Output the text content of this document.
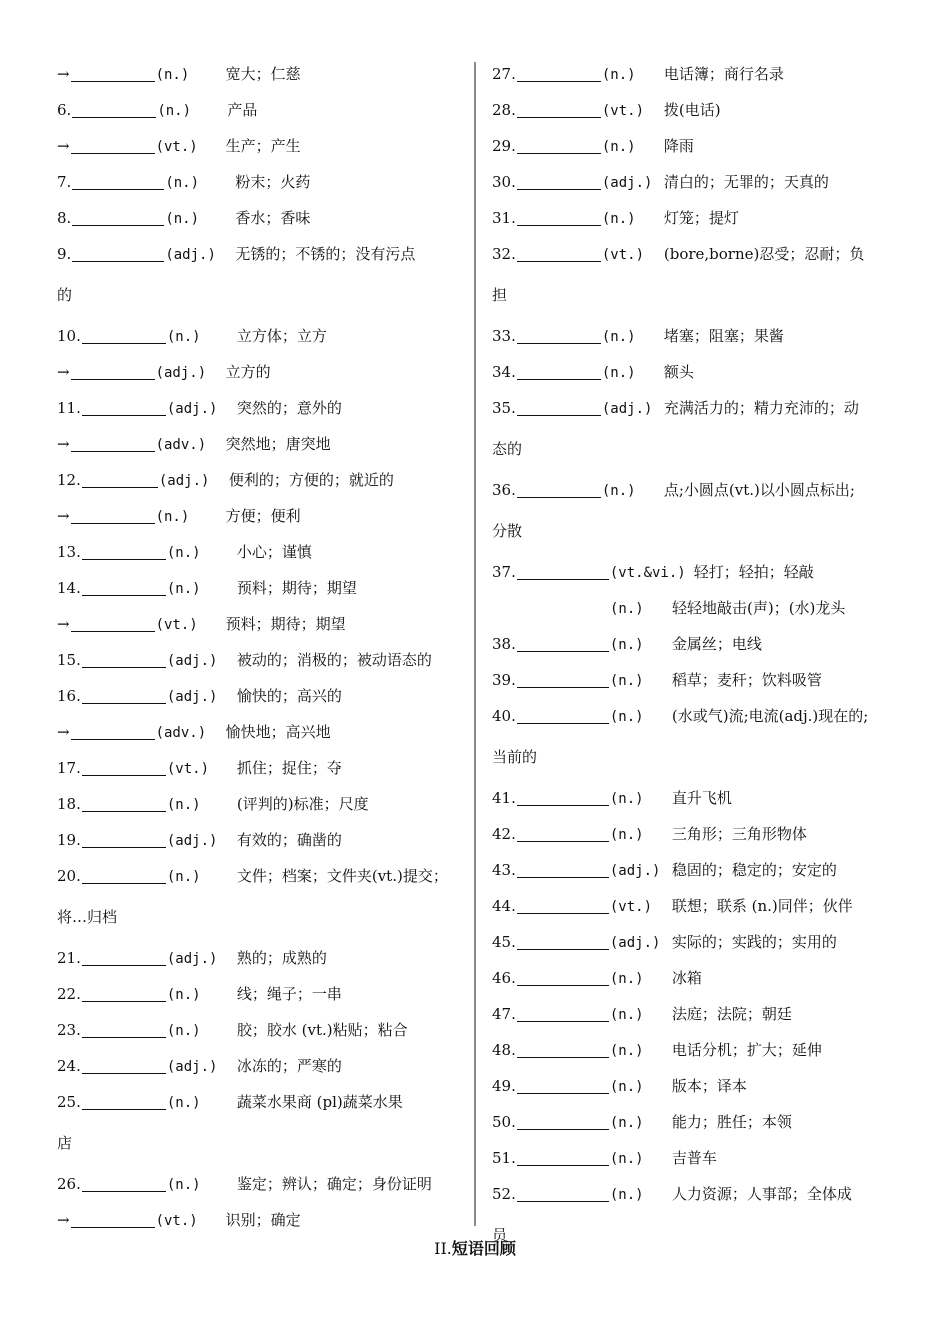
→	(n.) 宽大；仁慈
6.	(n.) 产品
→	(vt.) 生产；产生
7.	(n.) 粉末；火药
8.	(n.) 香水；香味
9.	(adj.) 无锈的；不锈的；没有污点
的
10.	(n.) 立方体；立方
→	(adj.) 立方的
11.	(adj.) 突然的；意外的
→	(adv.) 突然地；唐突地
12.	(adj.) 便利的；方便的；就近的
→	(n.) 方便；便利
13.	(n.) 小心；谨慎
14.	(n.) 预料；期待；期望
→	(vt.) 预料；期待；期望
15.	(adj.) 被动的；消极的；被动语态的
16.	(adj.) 愉快的；高兴的
→	(adv.) 愉快地；高兴地
17.	(vt.) 抓住；捉住；夺
18.	(n.) (评判的)标准；尺度
19.	(adj.) 有效的；确凿的
20.	(n.) 文件；档案；文件夹(vt.)提交；
将…归档
21.	(adj.) 熟的；成熟的
22.	(n.) 线；绳子；一串
23.	(n.) 胶；胶水 (vt.)粘贴；粘合
24.	(adj.) 冰冻的；严寒的
25.	(n.) 蔬菜水果商 (pl)蔬菜水果
店
26.	(n.) 鉴定；辨认；确定；身份证明
→	(vt.) 识别；确定
27.	(n.) 电话簿；商行名录
28.	(vt.) 拨(电话)
29.	(n.) 降雨
30.	(adj.) 清白的；无罪的；天真的
31.	(n.) 灯笼；提灯
32.	(vt.) (bore,borne)忍受；忍耐；负
担
33.	(n.) 堵塞；阻塞；果酱
34.	(n.) 额头
35.	(adj.) 充满活力的；精力充沛的；动
态的
36.	(n.) 点;小圆点(vt.)以小圆点标出;
分散
37.	(vt.&vi.) 轻打；轻拍；轻敲
(n.) 轻轻地敲击(声)；(水)龙头
38.	(n.) 金属丝；电线
39.	(n.) 稻草；麦秆；饮料吸管
40.	(n.) (水或气)流;电流(adj.)现在的;
当前的
41.	(n.) 直升飞机
42.	(n.) 三角形；三角形物体
43.	(adj.) 稳固的；稳定的；安定的
44.	(vt.) 联想；联系 (n.)同伴；伙伴
45.	(adj.) 实际的；实践的；实用的
46.	(n.) 冰箱
47.	(n.) 法庭；法院；朝廷
48.	(n.) 电话分机；扩大；延伸
49.	(n.) 版本；译本
50.	(n.) 能力；胜任；本领
51.	(n.) 吉普车
52.	(n.) 人力资源；人事部；全体成
员
II.短语回顾
